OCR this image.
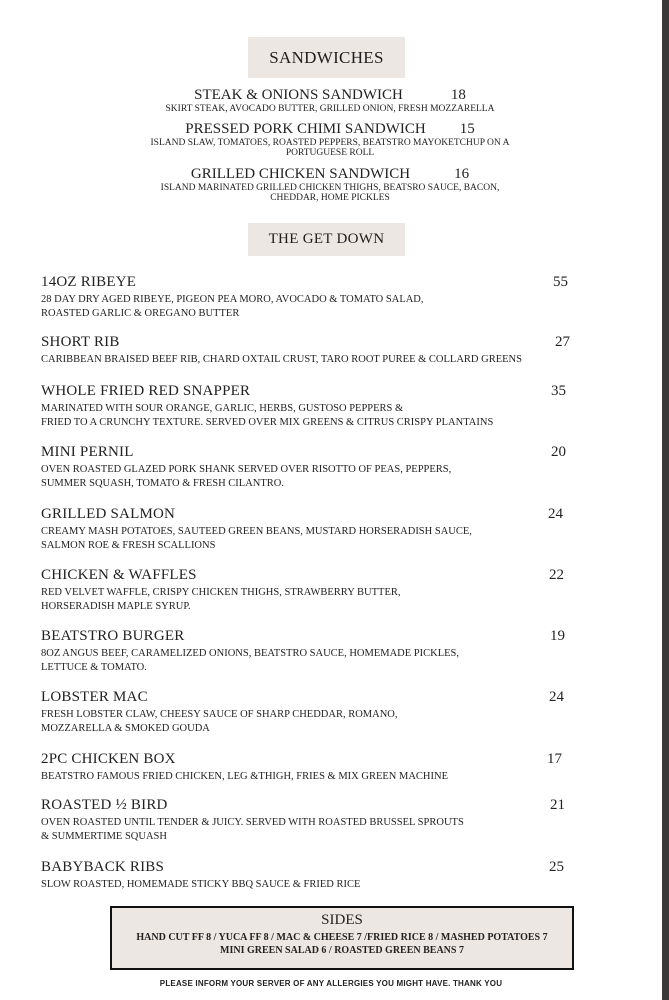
SANDWICHES
STEAK & ONIONS SANDWICH	18
SKIRT STEAK, AVOCADO BUTTER, GRILLED ONION, FRESH MOZZARELLA
PRESSED PORK CHIMI SANDWICH 15
ISLAND SLAW, TOMATOES, ROASTED PEPPERS, BEATSTRO MAYOKETCHUP ON A
PORTUGUESE ROLL
GRILLED CHICKEN SANDWICH	16
ISLAND MARINATED GRILLED CHICKEN THIGHS, BEATSRO SAUCE, BACON,
CHEDDAR, HOME PICKLES
THE GET DOWN
14OZ RIBEYE	55
28 DAY DRY AGED RIBEYE, PIGEON PEA MORO, AVOCADO & TOMATO SALAD,
ROASTED GARLIC & OREGANO BUTTER
SHORT RIB	27
CARIBBEAN BRAISED BEEF RIB, CHARD OXTAIL CRUST, TARO ROOT PUREE & COLLARD GREENS
WHOLE FRIED RED SNAPPER	35
MARINATED WITH SOUR ORANGE, GARLIC, HERBS, GUSTOSO PEPPERS &
FRIED TO A CRUNCHY TEXTURE. SERVED OVER MIX GREENS & CITRUS CRISPY PLANTAINS
MINI PERNIL	20
OVEN ROASTED GLAZED PORK SHANK SERVED OVER RISOTTO OF PEAS, PEPPERS,
SUMMER SQUASH, TOMATO & FRESH CILANTRO.
GRILLED SALMON	24
CREAMY MASH POTATOES, SAUTEED GREEN BEANS, MUSTARD HORSERADISH SAUCE,
SALMON ROE & FRESH SCALLIONS
CHICKEN & WAFFLES	22
RED VELVET WAFFLE, CRISPY CHICKEN THIGHS, STRAWBERRY BUTTER,
HORSERADISH MAPLE SYRUP.
BEATSTRO BURGER	19
8OZ ANGUS BEEF, CARAMELIZED ONIONS, BEATSTRO SAUCE, HOMEMADE PICKLES,
LETTUCE & TOMATO.
LOBSTER MAC	24
FRESH LOBSTER CLAW, CHEESY SAUCE OF SHARP CHEDDAR, ROMANO,
MOZZARELLA & SMOKED GOUDA
2PC CHICKEN BOX	17
BEATSTRO FAMOUS FRIED CHICKEN, LEG &THIGH, FRIES & MIX GREEN MACHINE
ROASTED ½ BIRD	21
OVEN ROASTED UNTIL TENDER & JUICY. SERVED WITH ROASTED BRUSSEL SPROUTS
& SUMMERTIME SQUASH
BABYBACK RIBS	25
SLOW ROASTED, HOMEMADE STICKY BBQ SAUCE & FRIED RICE
SIDES
HAND CUT FF 8 / YUCA FF 8 / MAC & CHEESE 7 /FRIED RICE 8 / MASHED POTATOES 7
MINI GREEN SALAD 6 / ROASTED GREEN BEANS 7
PLEASE INFORM YOUR SERVER OF ANY ALLERGIES YOU MIGHT HAVE. THANK YOU
